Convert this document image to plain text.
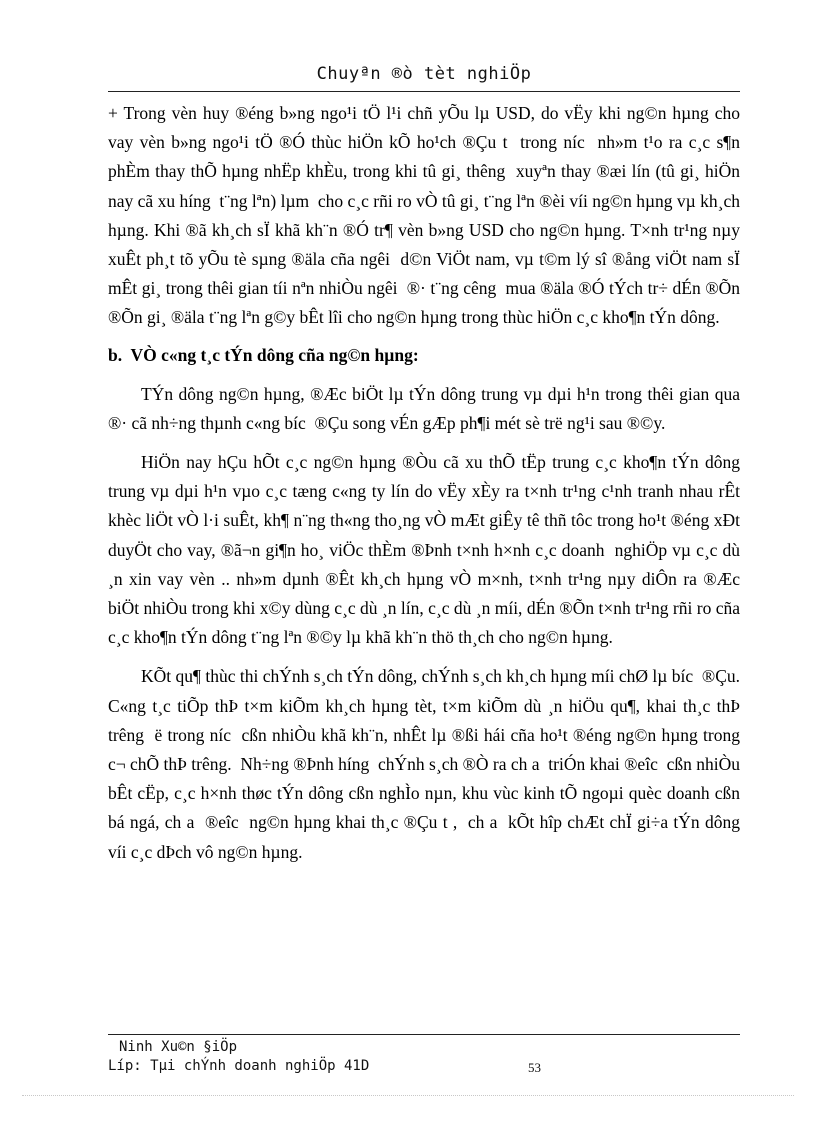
Chuyªn ®ò tèt nghiÖp

+ Trong vèn huy ®éng b»ng ngo¹i tÖ l¹i chñ yÕu lµ USD, do vËy khi ng©n hµng cho vay vèn b»ng ngo¹i tÖ ®Ó thùc hiÖn kÕ ho¹ch ®Çu t  trong níc  nh»m t¹o ra c¸c s¶n phÈm thay thÕ hµng nhËp khÈu, trong khi tû gi¸ thêng  xuyªn thay ®æi lín (tû gi¸ hiÖn nay cã xu híng  t¨ng lªn) lµm  cho c¸c rñi ro vÒ tû gi¸ t¨ng lªn ®èi víi ng©n hµng vµ kh¸ch hµng. Khi ®ã kh¸ch sÏ khã kh¨n ®Ó tr¶ vèn b»ng USD cho ng©n hµng. T×nh tr¹ng nµy xuÊt ph¸t tõ yÕu tè sµng ®äla cña ngêi  d©n ViÖt nam, vµ t©m lý sî ®ång viÖt nam sÏ mÊt gi¸ trong thêi gian tíi nªn nhiÒu ngêi  ®· t¨ng cêng  mua ®äla ®Ó tÝch tr÷ dÉn ®Õn ®Õn gi¸ ®äla t¨ng lªn g©y bÊt lîi cho ng©n hµng trong thùc hiÖn c¸c kho¶n tÝn dông.

b.  VÒ c«ng t¸c tÝn dông cña ng©n hµng:

TÝn dông ng©n hµng, ®Æc biÖt lµ tÝn dông trung vµ dµi h¹n trong thêi gian qua ®· cã nh÷ng thµnh c«ng bíc  ®Çu song vÉn gÆp ph¶i mét sè trë ng¹i sau ®©y.

HiÖn nay hÇu hÕt c¸c ng©n hµng ®Òu cã xu thÕ tËp trung c¸c kho¶n tÝn dông trung vµ dµi h¹n vµo c¸c tæng c«ng ty lín do vËy xÈy ra t×nh tr¹ng c¹nh tranh nhau rÊt khèc liÖt vÒ l·i suÊt, kh¶ n¨ng th«ng tho¸ng vÒ mÆt giÊy tê thñ tôc trong ho¹t ®éng xÐt duyÖt cho vay, ®ã¬n gi¶n ho¸ viÖc thÈm ®Þnh t×nh h×nh c¸c doanh  nghiÖp vµ c¸c dù ¸n xin vay vèn .. nh»m dµnh ®Êt kh¸ch hµng vÒ m×nh, t×nh tr¹ng nµy diÔn ra ®Æc biÖt nhiÒu trong khi x©y dùng c¸c dù ¸n lín, c¸c dù ¸n míi, dÉn ®Õn t×nh tr¹ng rñi ro cña c¸c kho¶n tÝn dông t¨ng lªn ®©y lµ khã kh¨n thö th¸ch cho ng©n hµng.

KÕt qu¶ thùc thi chÝnh s¸ch tÝn dông, chÝnh s¸ch kh¸ch hµng míi chØ lµ bíc  ®Çu. C«ng t¸c tiÕp thÞ t×m kiÕm kh¸ch hµng tèt, t×m kiÕm dù ¸n hiÖu qu¶, khai th¸c thÞ trêng  ë trong níc  cßn nhiÒu khã kh¨n, nhÊt lµ ®ßi hái cña ho¹t ®éng ng©n hµng trong c¬ chÕ thÞ trêng.  Nh÷ng ®Þnh híng  chÝnh s¸ch ®Ò ra ch a  triÓn khai ®eîc  cßn nhiÒu bÊt cËp, c¸c h×nh thøc tÝn dông cßn nghÌo nµn, khu vùc kinh tÕ ngoµi quèc doanh cßn bá ngá, ch a  ®eîc  ng©n hµng khai th¸c ®Çu t ,  ch a  kÕt hîp chÆt chÏ gi÷a tÝn dông víi c¸c dÞch vô ng©n hµng.

Ninh Xu©n §iÖp
Líp: Tµi chÝnh doanh nghiÖp 41D	53
